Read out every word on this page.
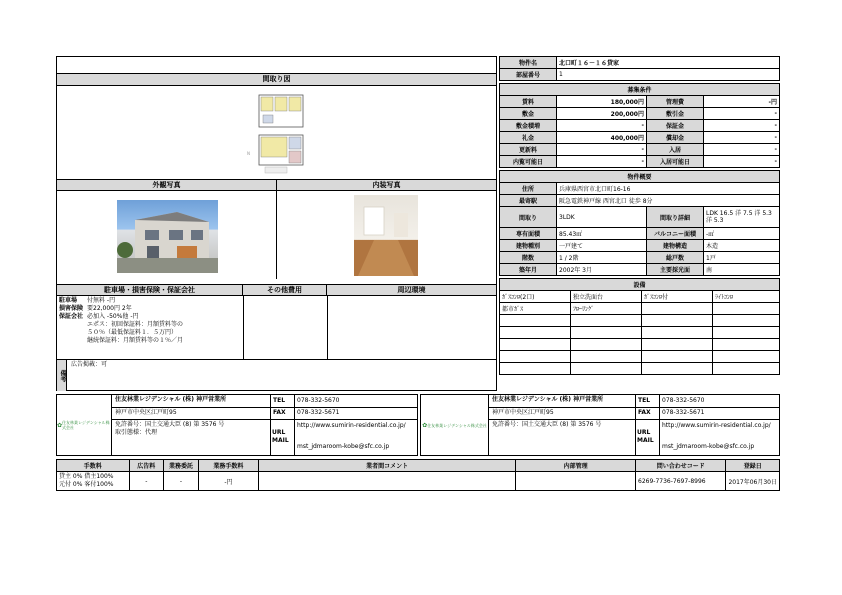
間取り図
N
外観写真	内装写真
駐車場・損害保険・保証会社	その他費用	周辺環境
駐車場	付無料 -円
損害保険 要22,000円 2年
保証会社 必加入 -50%他 -円
エポス：初回保証料：月額賃料等の
５０％（最低保証料１．５万円）
継続保証料：月額賃料等の１％／月
備考
広告掲載：可
物件名	北口町１６－１６貸家
部屋番号	1
募集条件			
賃料	180,000円	管理費	-円
敷金	200,000円	敷引金	-
敷金積増	-	保証金	-
礼金	400,000円	償却金	-
更新料	-	入居	-
内覧可能日	-	入居可能日	-
物件概要			
住所	兵庫県西宮市北口町16-16		
最寄駅	阪急電鉄神戸線 西宮北口 徒歩 8分		
間取り	3LDK	間取り詳細	LDK 16.5 洋 7.5 洋 5.3 洋 5.3
専有面積	85.43㎡	バルコニー面積	-㎡
建物種別	一戸建て	建物構造	木造
階数	1 / 2階	総戸数	1戸
築年月	2002年 3月	主要採光面	南
設備			
ｶﾞｽｺﾝﾛ(2口)	独立洗面台	ｶﾞｽｺﾝﾛ付	ﾗｲﾄｺﾝﾛ
都市ｶﾞｽ	ﾌﾛｰﾘﾝｸﾞ		

✿ 住友林業レジデンシャル株式会社
住友林業レジデンシャル (株) 神戸営業所
神戸市中央区江戸町95
免許番号：国土交通大臣 (8) 第 3576 号
取引態様：代理
TEL 078-332-5670
FAX 078-332-5671
URL
MAIL
http://www.sumirin-residential.co.jp/
mst_jdmaroom-kobe@sfc.co.jp
✿ 住友林業レジデンシャル株式会社
住友林業レジデンシャル (株) 神戸営業所
神戸市中央区江戸町95
免許番号：国土交通大臣 (8) 第 3576 号
TEL 078-332-5670
FAX 078-332-5671
URL
MAIL
http://www.sumirin-residential.co.jp/
mst_jdmaroom-kobe@sfc.co.jp
手数料	広告料	業務委託	業務手数料	業者間コメント	内部管理	問い合わせコード	登録日

貸主 0% 借主100%
元付 0% 客付100%	-	-	-円			6269-7736-7697-8996	2017年06月30日
